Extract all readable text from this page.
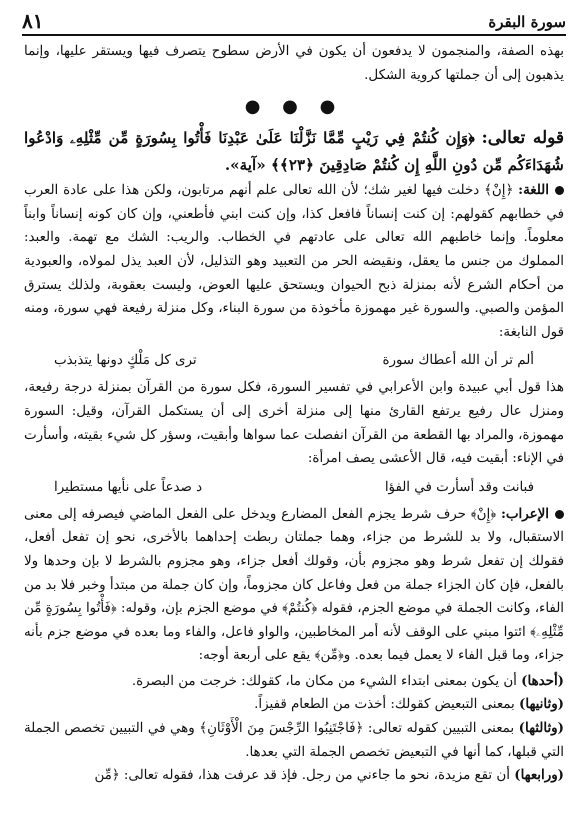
سورة البقرة
٨١

بهذه الصفة، والمنجمون لا يدفعون أن يكون في الأرض سطوح يتصرف فيها ويستقر عليها، وإنما يذهبون إلى أن جملتها كروية الشكل.

● ● ●

قوله تعالى: ﴿وَإِن كُنتُمْ فِي رَيْبٍ مِّمَّا نَزَّلْنَا عَلَىٰ عَبْدِنَا فَأْتُوا بِسُورَةٍ مِّن مِّثْلِهِۦ وَادْعُوا شُهَدَاءَكُم مِّن دُونِ اللَّهِ إِن كُنتُمْ صَادِقِينَ ﴿٢٣﴾﴾ «آية».

اللغة: ﴿إِنْ﴾ دخلت فيها لغير شك؛ لأن الله تعالى علم أنهم مرتابون، ولكن هذا على عادة العرب في خطابهم كقولهم: إن كنت إنساناً فافعل كذا، وإن كنت ابني فأطعني، وإن كان كونه إنساناً وابناً معلوماً. وإنما خاطبهم الله تعالى على عادتهم في الخطاب. والريب: الشك مع تهمة. والعبد: المملوك من جنس ما يعقل، ونقيضه الحر من التعبيد وهو التذليل، لأن العبد يذل لمولاه، والعبودية من أحكام الشرع لأنه بمنزلة ذبح الحيوان ويستحق عليها العوض، وليست بعقوبة، ولذلك يسترق المؤمن والصبي. والسورة غير مهموزة مأخوذة من سورة البناء، وكل منزلة رفيعة فهي سورة، ومنه قول النابغة:

ألم تر أن الله أعطاك سورة
ترى كل مَلْكٍ دونها يتذبذب

هذا قول أبي عبيدة وابن الأعرابي في تفسير السورة، فكل سورة من القرآن بمنزلة درجة رفيعة، ومنزل عال رفيع يرتفع القارئ منها إلى منزلة أخرى إلى أن يستكمل القرآن، وقيل: السورة مهموزة، والمراد بها القطعة من القرآن انفصلت عما سواها وأبقيت، وسؤر كل شيء بقيته، وأسأرت في الإناء: أبقيت فيه، قال الأعشى يصف امرأة:

فبانت وقد أسأرت في الفؤا
د صدعاً على نأيها مستطيرا

الإعراب: ﴿إِنْ﴾ حرف شرط يجزم الفعل المضارع ويدخل على الفعل الماضي فيصرفه إلى معنى الاستقبال، ولا بد للشرط من جزاء، وهما جملتان ربطت إحداهما بالأخرى، نحو إن تفعل أفعل، فقولك إن تفعل شرط وهو مجزوم بأن، وقولك أفعل جزاء، وهو مجزوم بالشرط لا بإن وحدها ولا بالفعل، فإن كان الجزاء جملة من فعل وفاعل كان مجزوماً، وإن كان جملة من مبتدأ وخبر فلا بد من الفاء، وكانت الجملة في موضع الجزم، فقوله ﴿كُنتُمْ﴾ في موضع الجزم بإن، وقوله: ﴿فَأْتُوا بِسُورَةٍ مِّن مِّثْلِهِۦ﴾ ائتوا مبني على الوقف لأنه أمر المخاطبين، والواو فاعل، والفاء وما بعده في موضع جزم بأنه جزاء، وما قبل الفاء لا يعمل فيما بعده. و﴿مِّن﴾ يقع على أربعة أوجه:

(أحدها) أن يكون بمعنى ابتداء الشيء من مكان ما، كقولك: خرجت من البصرة.

(وثانيها) بمعنى التبعيض كقولك: أخذت من الطعام قفيزاً.

(وثالثها) بمعنى التبيين كقوله تعالى: ﴿فَاجْتَنِبُوا الرِّجْسَ مِنَ الْأَوْثَانِ﴾ وهي في التبيين تخصص الجملة التي قبلها، كما أنها في التبعيض تخصص الجملة التي بعدها.

(ورابعها) أن تقع مزيدة، نحو ما جاءني من رجل. فإذ قد عرفت هذا، فقوله تعالى: ﴿مِّن
